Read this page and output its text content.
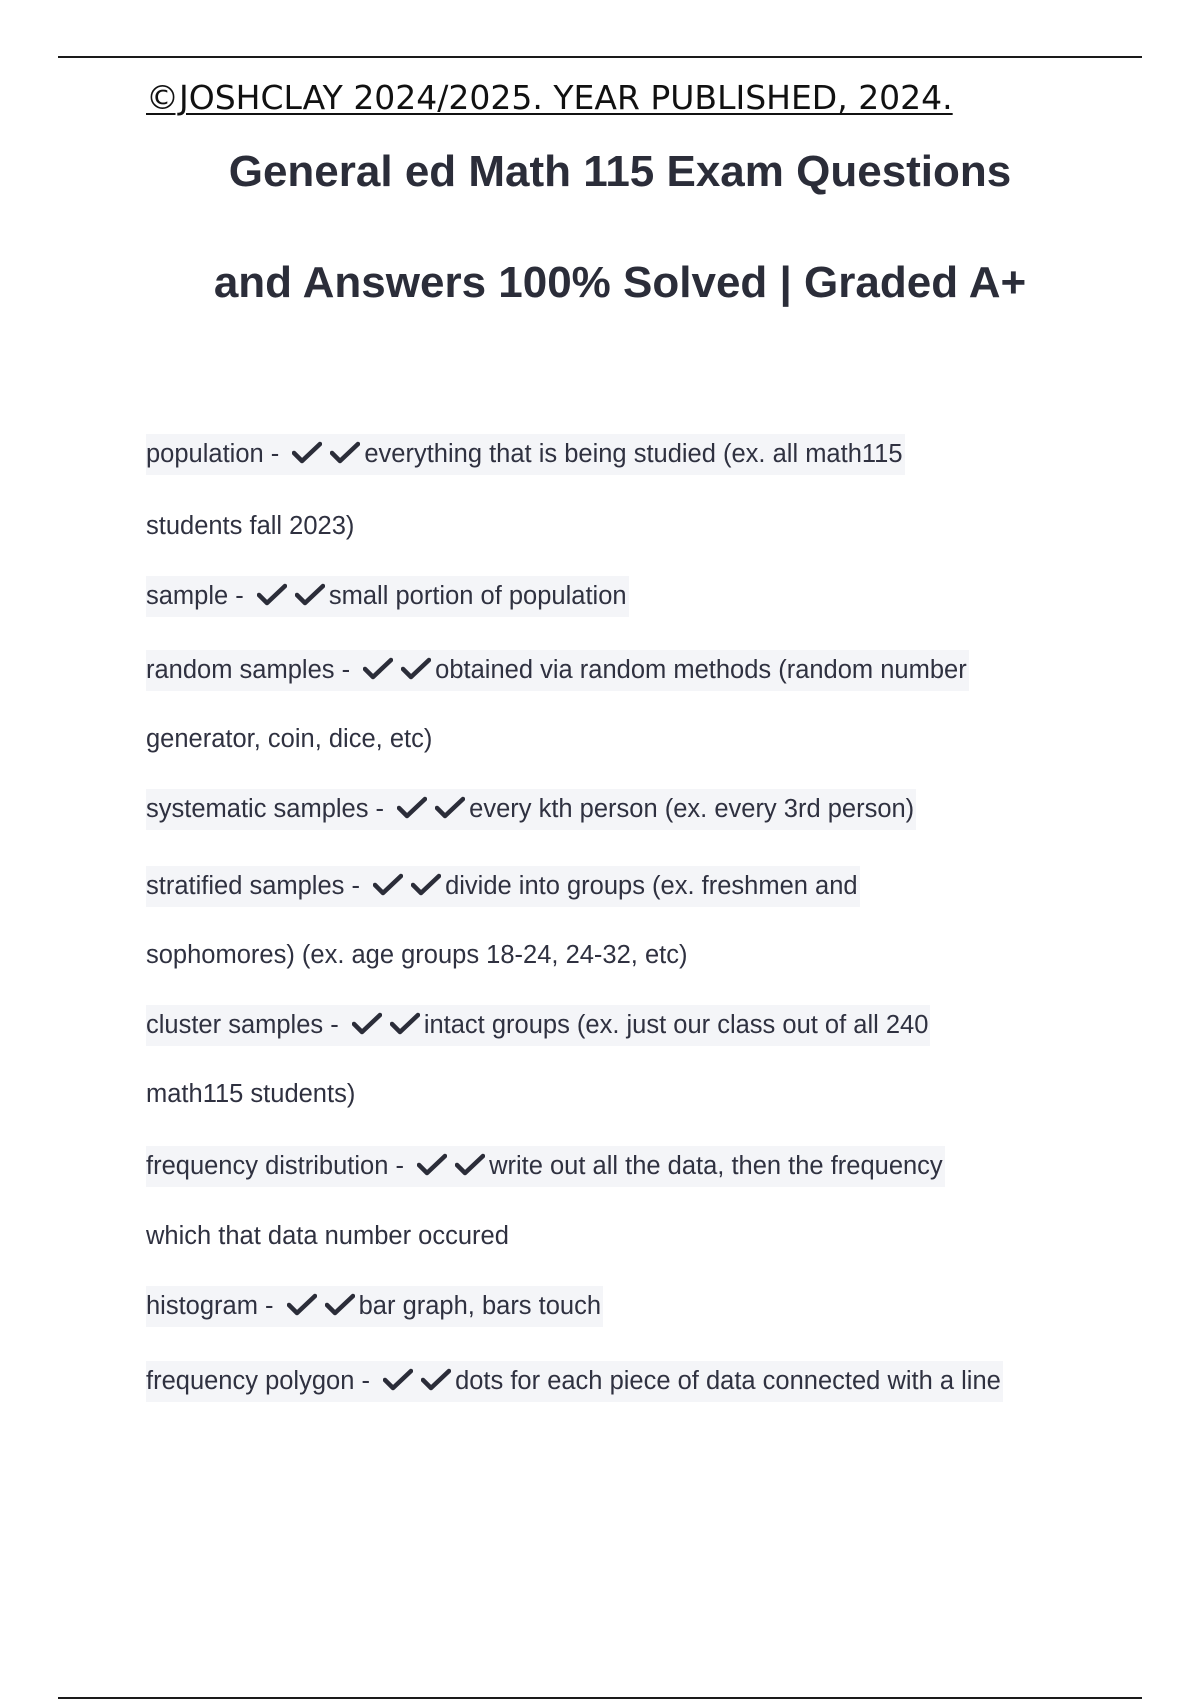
©JOSHCLAY 2024/2025. YEAR PUBLISHED, 2024.
General ed Math 115 Exam Questions
and Answers 100% Solved | Graded A+
population -	everything that is being studied (ex. all math115
students fall 2023)
sample -	small portion of population
random samples -	obtained via random methods (random number
generator, coin, dice, etc)
systematic samples -	every kth person (ex. every 3rd person)
stratified samples -	divide into groups (ex. freshmen and
sophomores) (ex. age groups 18-24, 24-32, etc)
cluster samples -	intact groups (ex. just our class out of all 240
math115 students)
frequency distribution -	write out all the data, then the frequency
which that data number occured
histogram -	bar graph, bars touch
frequency polygon -	dots for each piece of data connected with a line
